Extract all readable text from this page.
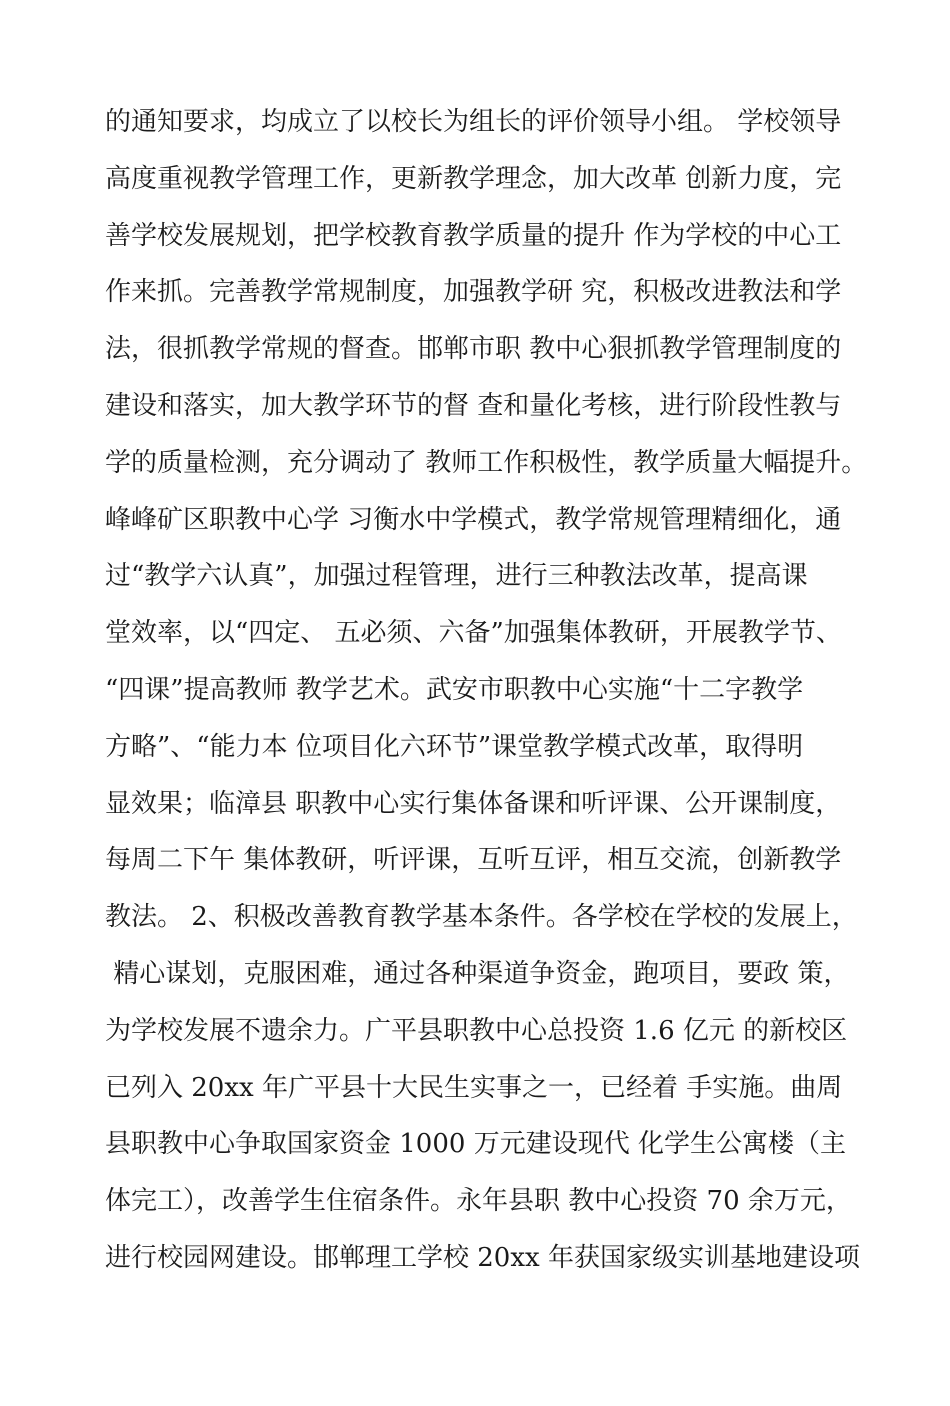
的通知要求，均成立了以校长为组长的评价领导小组。 学校领导
高度重视教学管理工作，更新教学理念，加大改革 创新力度，完
善学校发展规划，把学校教育教学质量的提升 作为学校的中心工
作来抓。完善教学常规制度，加强教学研 究，积极改进教法和学
法，很抓教学常规的督查。邯郸市职 教中心狠抓教学管理制度的
建设和落实，加大教学环节的督 查和量化考核，进行阶段性教与
学的质量检测，充分调动了 教师工作积极性，教学质量大幅提升。
峰峰矿区职教中心学 习衡水中学模式，教学常规管理精细化，通
过“教学六认真”，加强过程管理，进行三种教法改革，提高课
堂效率，以“四定、 五必须、六备”加强集体教研，开展教学节、
“四课”提高教师 教学艺术。武安市职教中心实施“十二字教学
方略”、“能力本 位项目化六环节”课堂教学模式改革，取得明
显效果；临漳县 职教中心实行集体备课和听评课、公开课制度，
每周二下午 集体教研，听评课，互听互评，相互交流，创新教学
教法。 2、积极改善教育教学基本条件。各学校在学校的发展上，
精心谋划，克服困难，通过各种渠道争资金，跑项目，要政 策，
为学校发展不遗余力。广平县职教中心总投资 1.6 亿元 的新校区
已列入 20xx 年广平县十大民生实事之一，已经着 手实施。曲周
县职教中心争取国家资金 1000 万元建设现代 化学生公寓楼（主
体完工），改善学生住宿条件。永年县职 教中心投资 70 余万元，
进行校园网建设。邯郸理工学校 20xx 年获国家级实训基地建设项
